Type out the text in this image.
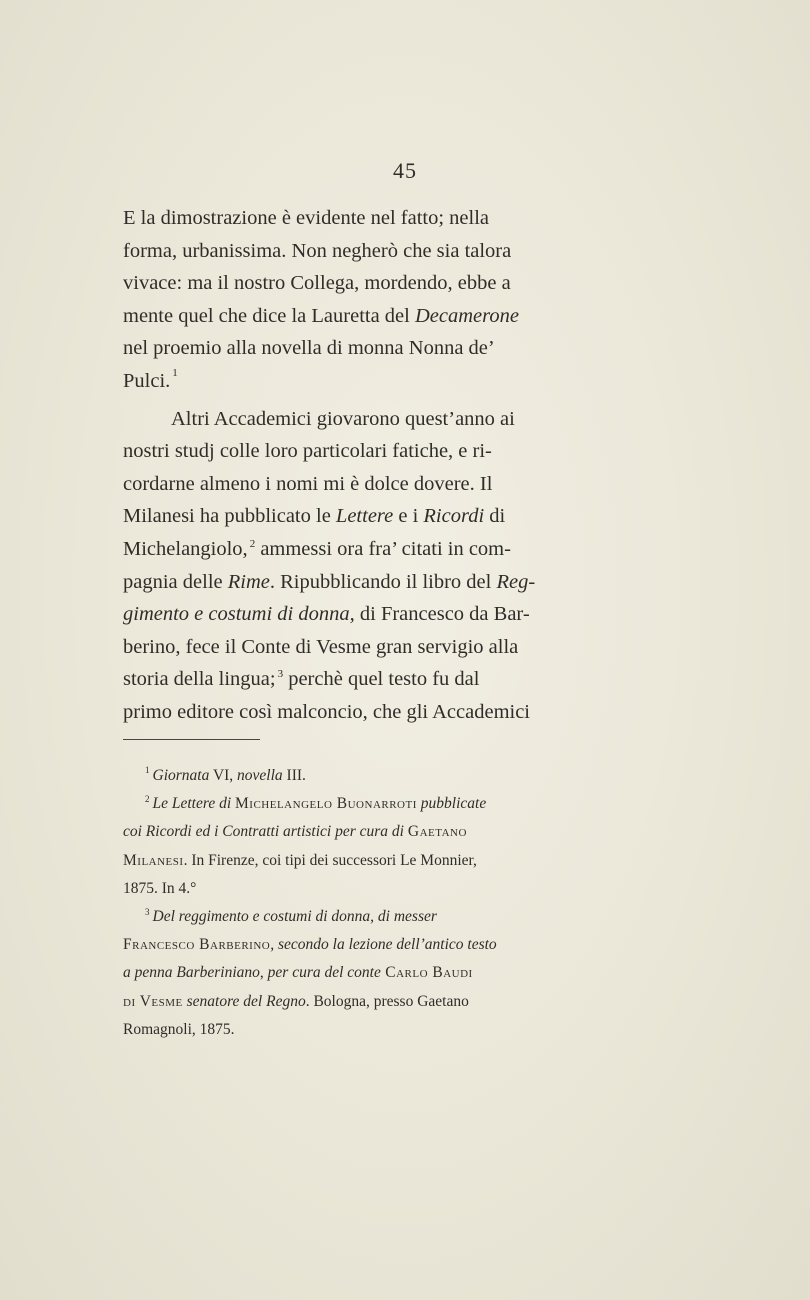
45
E la dimostrazione è evidente nel fatto; nella
forma, urbanissima. Non negherò che sia talora
vivace: ma il nostro Collega, mordendo, ebbe a
mente quel che dice la Lauretta del Decamerone
nel proemio alla novella di monna Nonna de’
Pulci. 1
Altri Accademici giovarono quest’anno ai
nostri studj colle loro particolari fatiche, e ri-
cordarne almeno i nomi mi è dolce dovere. Il
Milanesi ha pubblicato le Lettere e i Ricordi di
Michelangiolo, $^2$ ammessi ora fra’ citati in com-
pagnia delle Rime. Ripubblicando il libro del Reg-
gimento e costumi di donna, di Francesco da Bar-
berino, fece il Conte di Vesme gran servigio alla
storia della lingua; $^3$ perchè quel testo fu dal
primo editore così malconcio, che gli Accademici
1 Giornata VI, novella III.
$^2$ Le Lettere di Michelangelo Buonarroti pubblicate
coi Ricordi ed i Contratti artistici per cura di Gaetano
Milanesi. In Firenze, coi tipi dei successori Le Monnier,
1875. In 4.°
$^3$ Del reggimento e costumi di donna, di messer
Francesco Barberino, secondo la lezione dell’antico testo
a penna Barberiniano, per cura del conte Carlo Baudi
di Vesme senatore del Regno. Bologna, presso Gaetano
Romagnoli, 1875.
